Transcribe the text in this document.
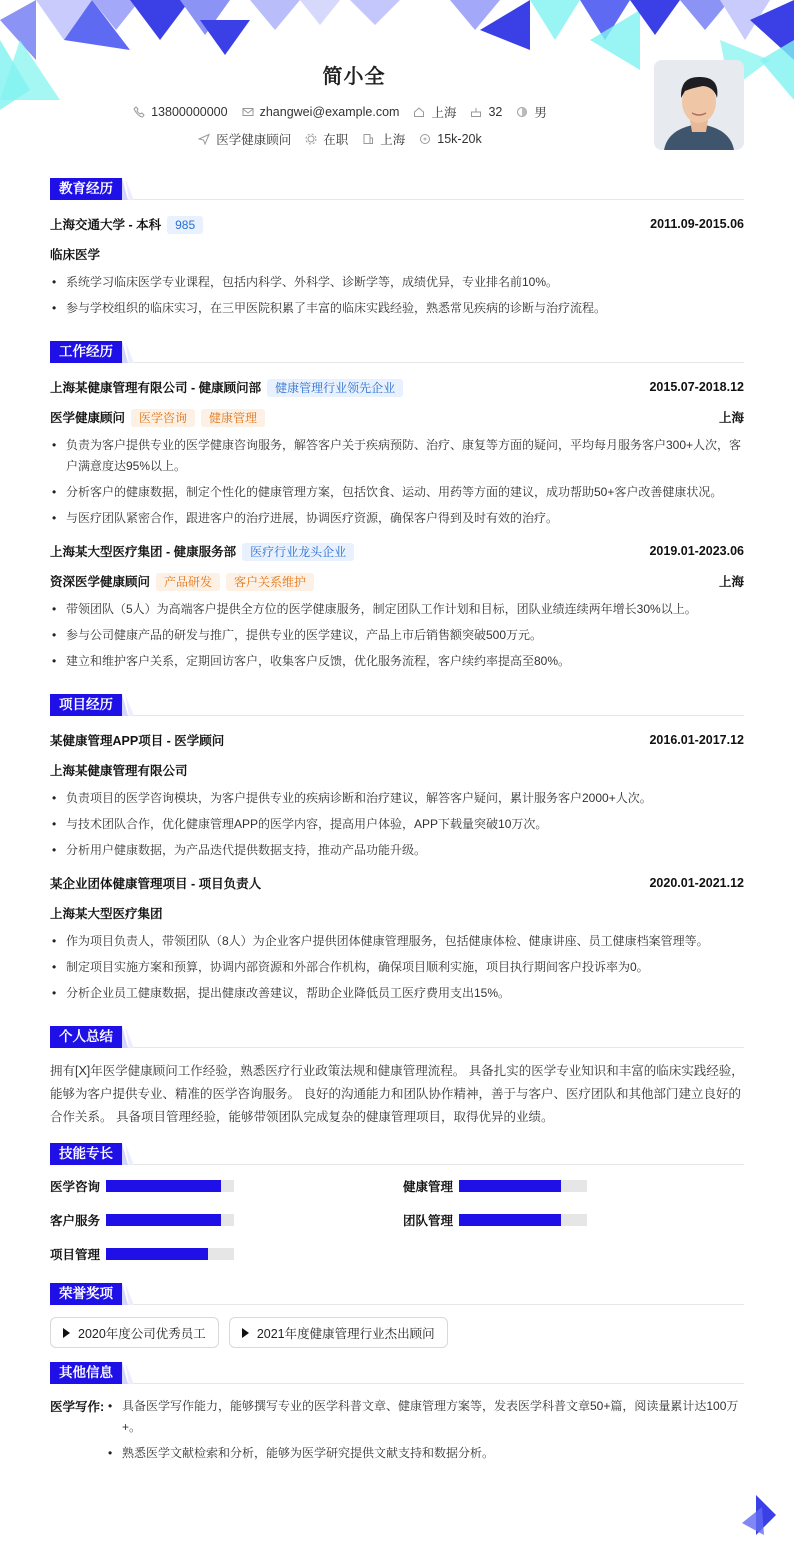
简小全
13800000000	zhangwei@example.com	上海	32	男
医学健康顾问	在职	上海	15k-20k
教育经历
上海交通大学 - 本科 985	2011.09-2015.06
临床医学
• 系统学习临床医学专业课程，包括内科学、外科学、诊断学等，成绩优异，专业排名前10%。
• 参与学校组织的临床实习，在三甲医院积累了丰富的临床实践经验，熟悉常见疾病的诊断与治疗流程。
工作经历
上海某健康管理有限公司 - 健康顾问部 健康管理行业领先企业	2015.07-2018.12
医学健康顾问 医学咨询 健康管理	上海
• 负责为客户提供专业的医学健康咨询服务，解答客户关于疾病预防、治疗、康复等方面的疑问，平均每月服务客户300+人次，客户满意度达95%以上。
• 分析客户的健康数据，制定个性化的健康管理方案，包括饮食、运动、用药等方面的建议，成功帮助50+客户改善健康状况。
• 与医疗团队紧密合作，跟进客户的治疗进展，协调医疗资源，确保客户得到及时有效的治疗。
上海某大型医疗集团 - 健康服务部 医疗行业龙头企业	2019.01-2023.06
资深医学健康顾问 产品研发 客户关系维护	上海
• 带领团队（5人）为高端客户提供全方位的医学健康服务，制定团队工作计划和目标，团队业绩连续两年增长30%以上。
• 参与公司健康产品的研发与推广，提供专业的医学建议，产品上市后销售额突破500万元。
• 建立和维护客户关系，定期回访客户，收集客户反馈，优化服务流程，客户续约率提高至80%。
项目经历
某健康管理APP项目 - 医学顾问	2016.01-2017.12
上海某健康管理有限公司
• 负责项目的医学咨询模块，为客户提供专业的疾病诊断和治疗建议，解答客户疑问，累计服务客户2000+人次。
• 与技术团队合作，优化健康管理APP的医学内容，提高用户体验，APP下载量突破10万次。
• 分析用户健康数据，为产品迭代提供数据支持，推动产品功能升级。
某企业团体健康管理项目 - 项目负责人	2020.01-2021.12
上海某大型医疗集团
• 作为项目负责人，带领团队（8人）为企业客户提供团体健康管理服务，包括健康体检、健康讲座、员工健康档案管理等。
• 制定项目实施方案和预算，协调内部资源和外部合作机构，确保项目顺利实施，项目执行期间客户投诉率为0。
• 分析企业员工健康数据，提出健康改善建议，帮助企业降低员工医疗费用支出15%。
个人总结
拥有[X]年医学健康顾问工作经验，熟悉医疗行业政策法规和健康管理流程。 具备扎实的医学专业知识和丰富的临床实践经验，能够为客户提供专业、精准的医学咨询服务。 良好的沟通能力和团队协作精神，善于与客户、医疗团队和其他部门建立良好的合作关系。 具备项目管理经验，能够带领团队完成复杂的健康管理项目，取得优异的业绩。
技能专长
医学咨询	健康管理
客户服务	团队管理
项目管理
荣誉奖项
2020年度公司优秀员工	2021年度健康管理行业杰出顾问
其他信息
医学写作:
•	具备医学写作能力，能够撰写专业的医学科普文章、健康管理方案等，发表医学科普文章50+篇，阅读量累计达100万+。
• 熟悉医学文献检索和分析，能够为医学研究提供文献支持和数据分析。
